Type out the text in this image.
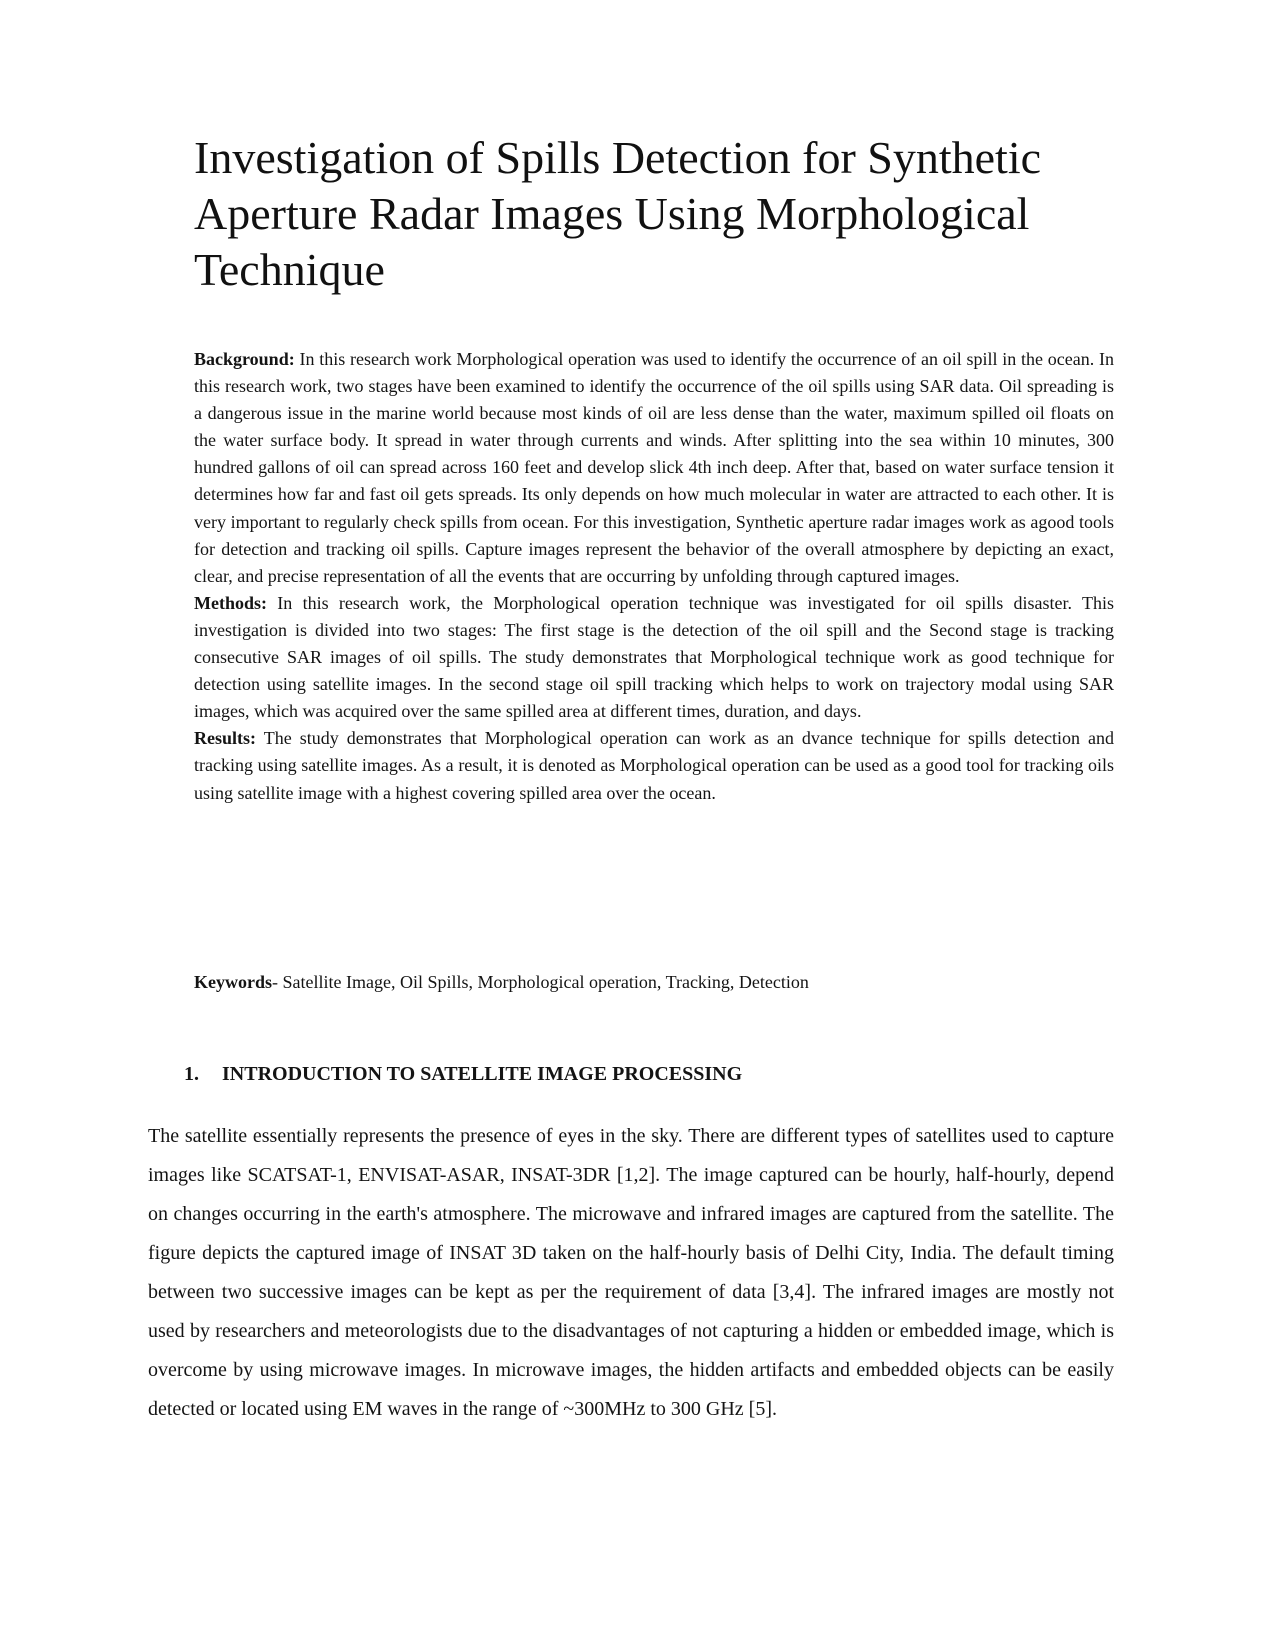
Investigation of Spills Detection for Synthetic Aperture Radar Images Using Morphological Technique

Background: In this research work Morphological operation was used to identify the occurrence of an oil spill in the ocean. In this research work, two stages have been examined to identify the occurrence of the oil spills using SAR data. Oil spreading is a dangerous issue in the marine world because most kinds of oil are less dense than the water, maximum spilled oil floats on the water surface body. It spread in water through currents and winds. After splitting into the sea within 10 minutes, 300 hundred gallons of oil can spread across 160 feet and develop slick 4th inch deep. After that, based on water surface tension it determines how far and fast oil gets spreads. Its only depends on how much molecular in water are attracted to each other. It is very important to regularly check spills from ocean. For this investigation, Synthetic aperture radar images work as agood tools for detection and tracking oil spills. Capture images represent the behavior of the overall atmosphere by depicting an exact, clear, and precise representation of all the events that are occurring by unfolding through captured images.

Methods: In this research work, the Morphological operation technique was investigated for oil spills disaster. This investigation is divided into two stages: The first stage is the detection of the oil spill and the Second stage is tracking consecutive SAR images of oil spills. The study demonstrates that Morphological technique work as good technique for detection using satellite images. In the second stage oil spill tracking which helps to work on trajectory modal using SAR images, which was acquired over the same spilled area at different times, duration, and days.

Results: The study demonstrates that Morphological operation can work as an dvance technique for spills detection and tracking using satellite images. As a result, it is denoted as Morphological operation can be used as a good tool for tracking oils using satellite image with a highest covering spilled area over the ocean.

Keywords- Satellite Image, Oil Spills, Morphological operation, Tracking, Detection

1. INTRODUCTION TO SATELLITE IMAGE PROCESSING

The satellite essentially represents the presence of eyes in the sky. There are different types of satellites used to capture images like SCATSAT-1, ENVISAT-ASAR, INSAT-3DR [1,2]. The image captured can be hourly, half-hourly, depend on changes occurring in the earth's atmosphere. The microwave and infrared images are captured from the satellite. The figure depicts the captured image of INSAT 3D taken on the half-hourly basis of Delhi City, India. The default timing between two successive images can be kept as per the requirement of data [3,4]. The infrared images are mostly not used by researchers and meteorologists due to the disadvantages of not capturing a hidden or embedded image, which is overcome by using microwave images. In microwave images, the hidden artifacts and embedded objects can be easily detected or located using EM waves in the range of ~300MHz to 300 GHz [5].
